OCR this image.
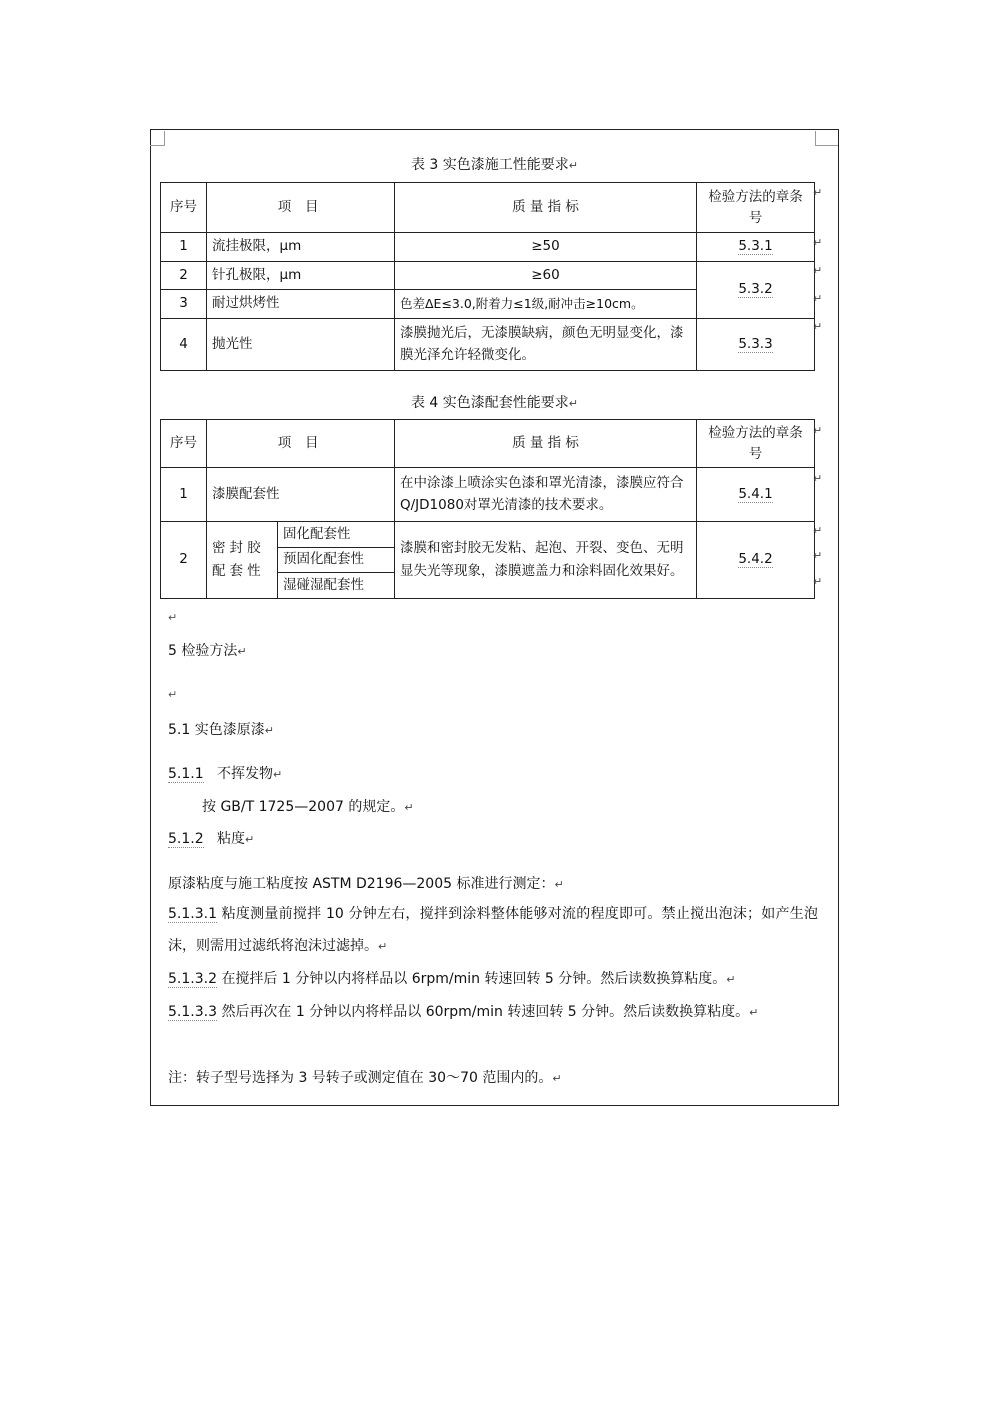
表 3 实色漆施工性能要求↵
序号	项 目	质 量 指 标	检验方法的章条号
1	流挂极限，μm	≥50	5.3.1
2	针孔极限，μm	≥60	5.3.2
3	耐过烘烤性	色差ΔE≤3.0,附着力≤1级,耐冲击≥10cm。	
4	抛光性	漆膜抛光后，无漆膜缺病，颜色无明显变化，漆膜光泽允许轻微变化。	5.3.3
↵
↵
↵
↵
↵
表 4 实色漆配套性能要求↵
序号	项 目		质 量 指 标	检验方法的章条号
1	漆膜配套性		在中涂漆上喷涂实色漆和罩光清漆，漆膜应符合Q/JD1080对罩光清漆的技术要求。	5.4.1
2	密封胶配套性	固化配套性	漆膜和密封胶无发粘、起泡、开裂、变色、无明显失光等现象，漆膜遮盖力和涂料固化效果好。	5.4.2
		预固化配套性		
		湿碰湿配套性		
↵
↵
↵
↵
↵
↵
5 检验方法↵
↵
5.1 实色漆原漆↵
5.1.1 不挥发物↵
按 GB/T 1725—2007 的规定。↵
5.1.2 粘度↵
原漆粘度与施工粘度按 ASTM D2196—2005 标准进行测定：↵
5.1.3.1 粘度测量前搅拌 10 分钟左右，搅拌到涂料整体能够对流的程度即可。禁止搅出泡沫；如产生泡沫，则需用过滤纸将泡沫过滤掉。↵
5.1.3.2 在搅拌后 1 分钟以内将样品以 6rpm/min 转速回转 5 分钟。然后读数换算粘度。↵
5.1.3.3 然后再次在 1 分钟以内将样品以 60rpm/min 转速回转 5 分钟。然后读数换算粘度。↵
注：转子型号选择为 3 号转子或测定值在 30～70 范围内的。↵
